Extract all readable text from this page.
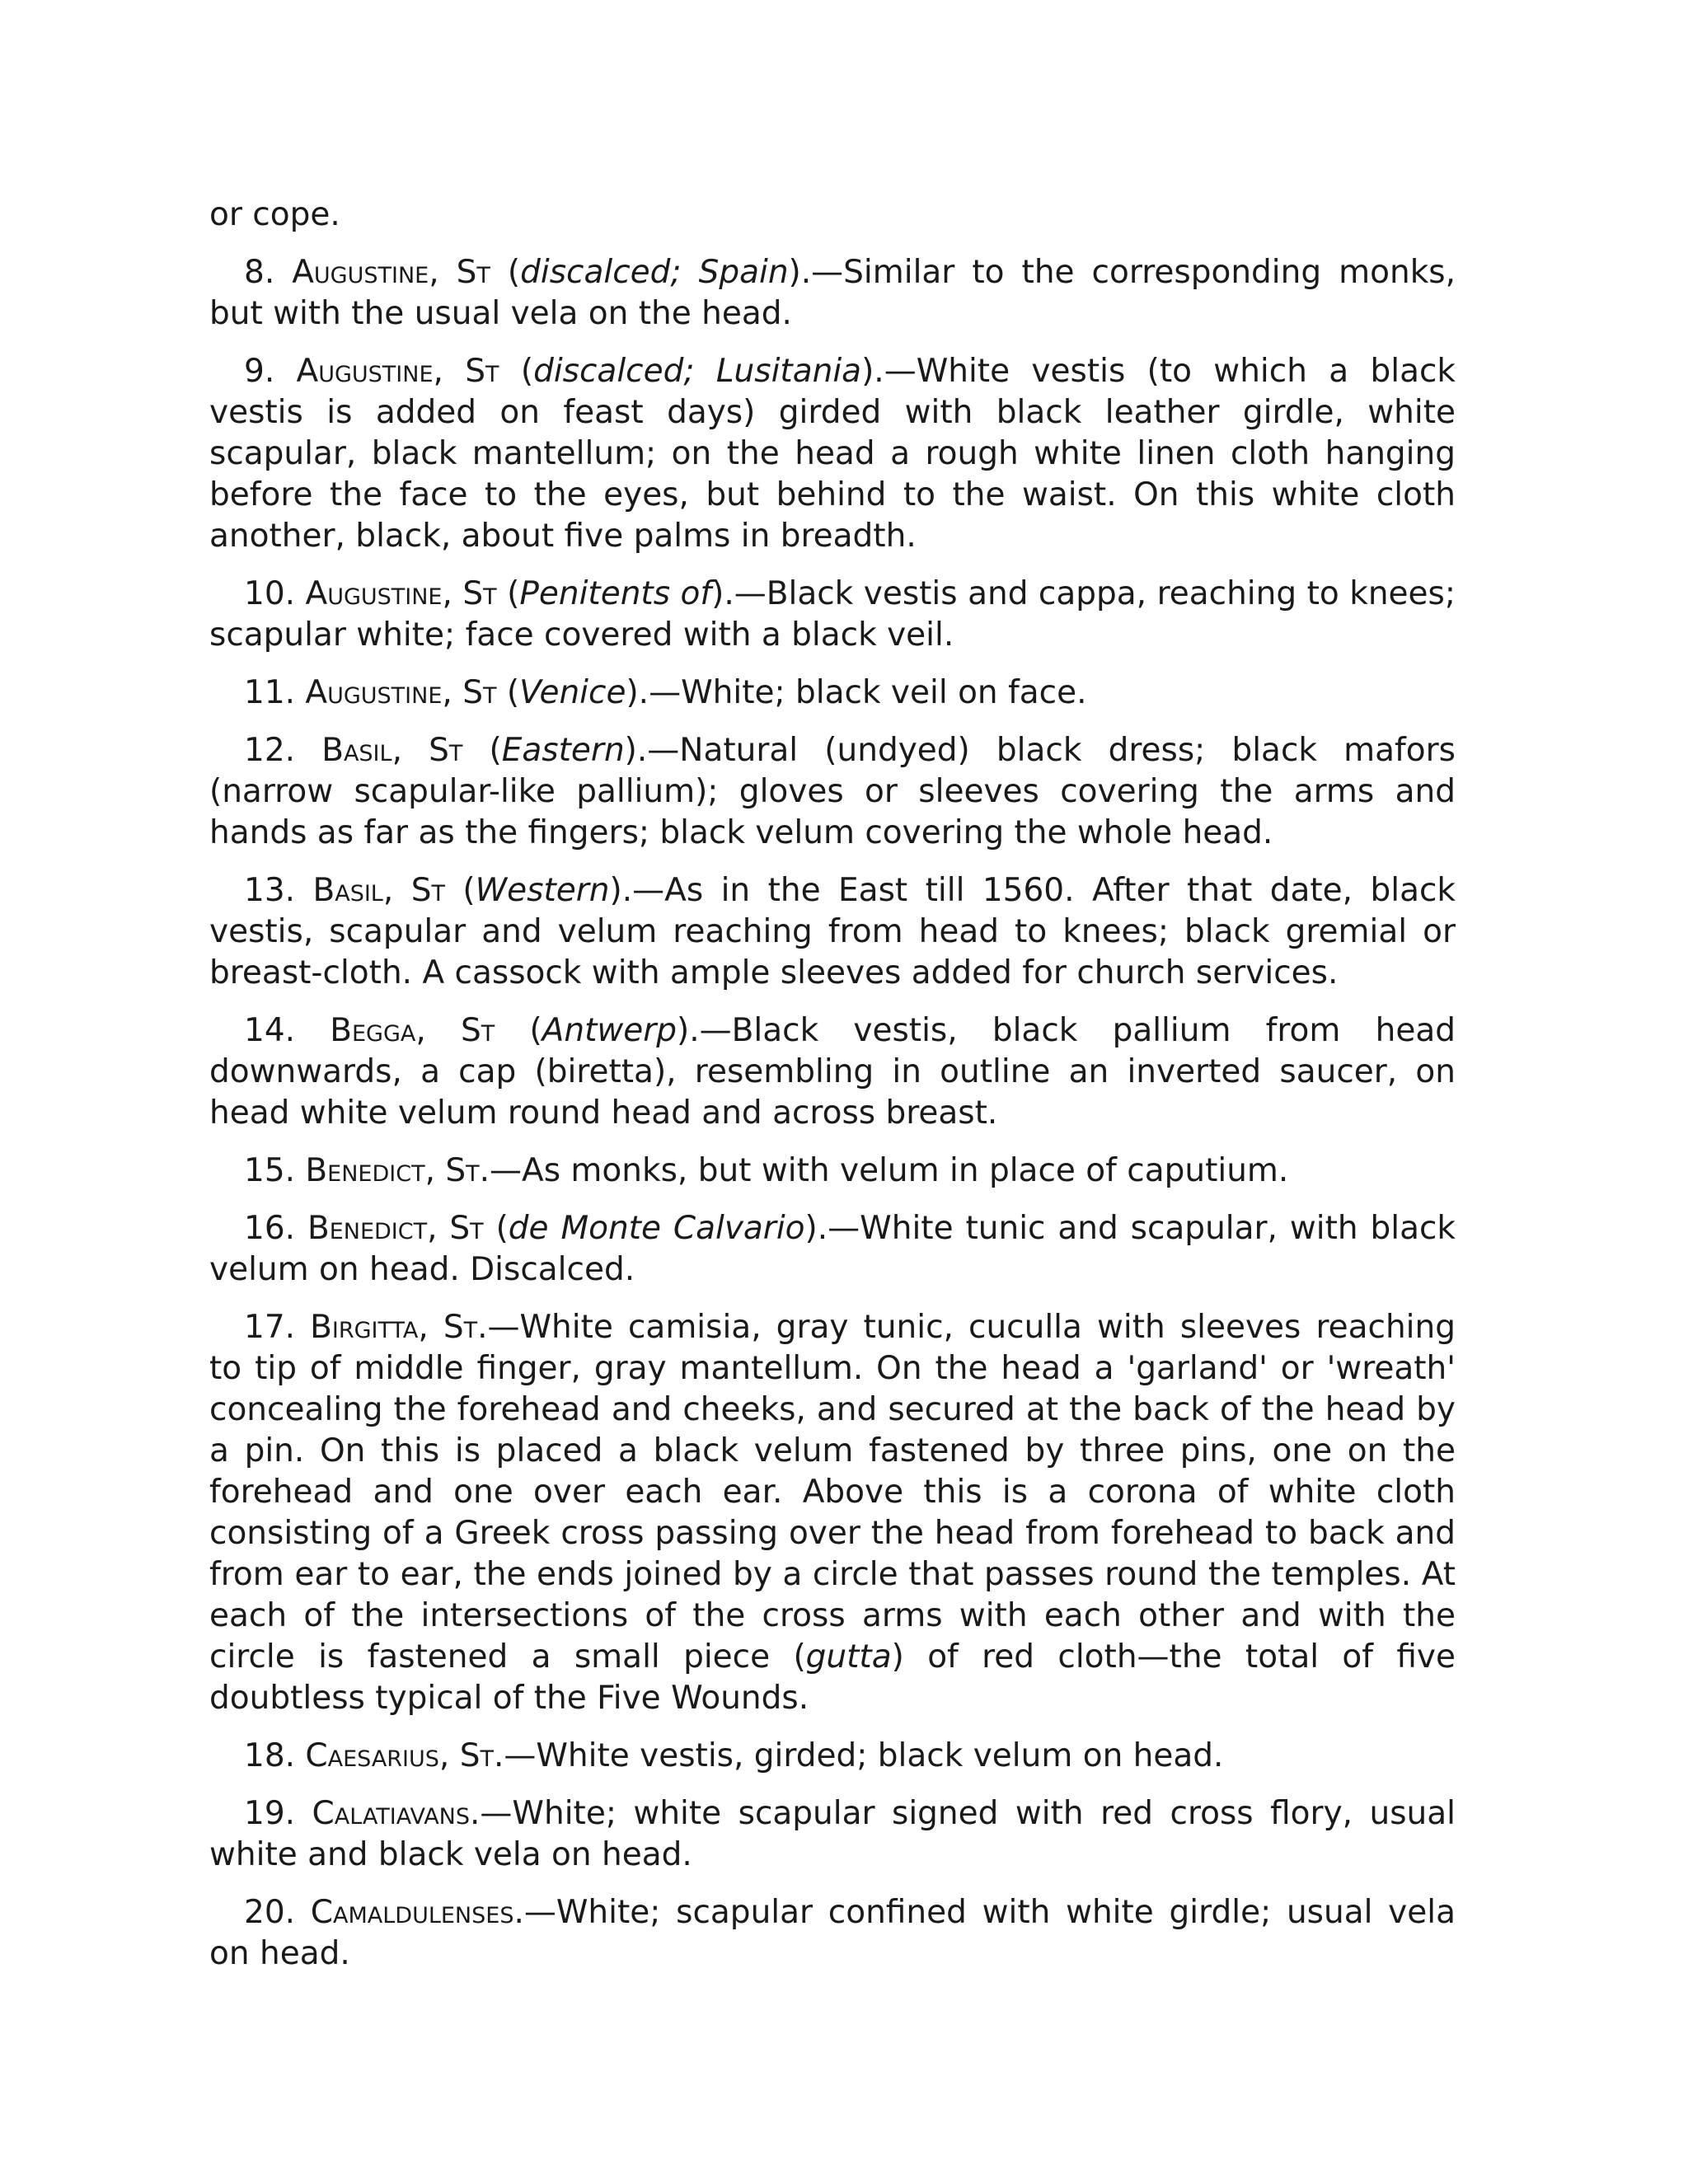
or cope.

8. Augustine, St (discalced; Spain).—Similar to the corresponding monks, but with the usual vela on the head.

9. Augustine, St (discalced; Lusitania).—White vestis (to which a black vestis is added on feast days) girded with black leather girdle, white scapular, black mantellum; on the head a rough white linen cloth hanging before the face to the eyes, but behind to the waist. On this white cloth another, black, about five palms in breadth.

10. Augustine, St (Penitents of).—Black vestis and cappa, reaching to knees; scapular white; face covered with a black veil.

11. Augustine, St (Venice).—White; black veil on face.

12. Basil, St (Eastern).—Natural (undyed) black dress; black mafors (narrow scapular-like pallium); gloves or sleeves covering the arms and hands as far as the fingers; black velum covering the whole head.

13. Basil, St (Western).—As in the East till 1560. After that date, black vestis, scapular and velum reaching from head to knees; black gremial or breast-cloth. A cassock with ample sleeves added for church services.

14. Begga, St (Antwerp).—Black vestis, black pallium from head downwards, a cap (biretta), resembling in outline an inverted saucer, on head white velum round head and across breast.

15. Benedict, St.—As monks, but with velum in place of caputium.

16. Benedict, St (de Monte Calvario).—White tunic and scapular, with black velum on head. Discalced.

17. Birgitta, St.—White camisia, gray tunic, cuculla with sleeves reaching to tip of middle finger, gray mantellum. On the head a 'garland' or 'wreath' concealing the forehead and cheeks, and secured at the back of the head by a pin. On this is placed a black velum fastened by three pins, one on the forehead and one over each ear. Above this is a corona of white cloth consisting of a Greek cross passing over the head from forehead to back and from ear to ear, the ends joined by a circle that passes round the temples. At each of the intersections of the cross arms with each other and with the circle is fastened a small piece (gutta) of red cloth—the total of five doubtless typical of the Five Wounds.

18. Caesarius, St.—White vestis, girded; black velum on head.

19. Calatiavans.—White; white scapular signed with red cross flory, usual white and black vela on head.

20. Camaldulenses.—White; scapular confined with white girdle; usual vela on head.
